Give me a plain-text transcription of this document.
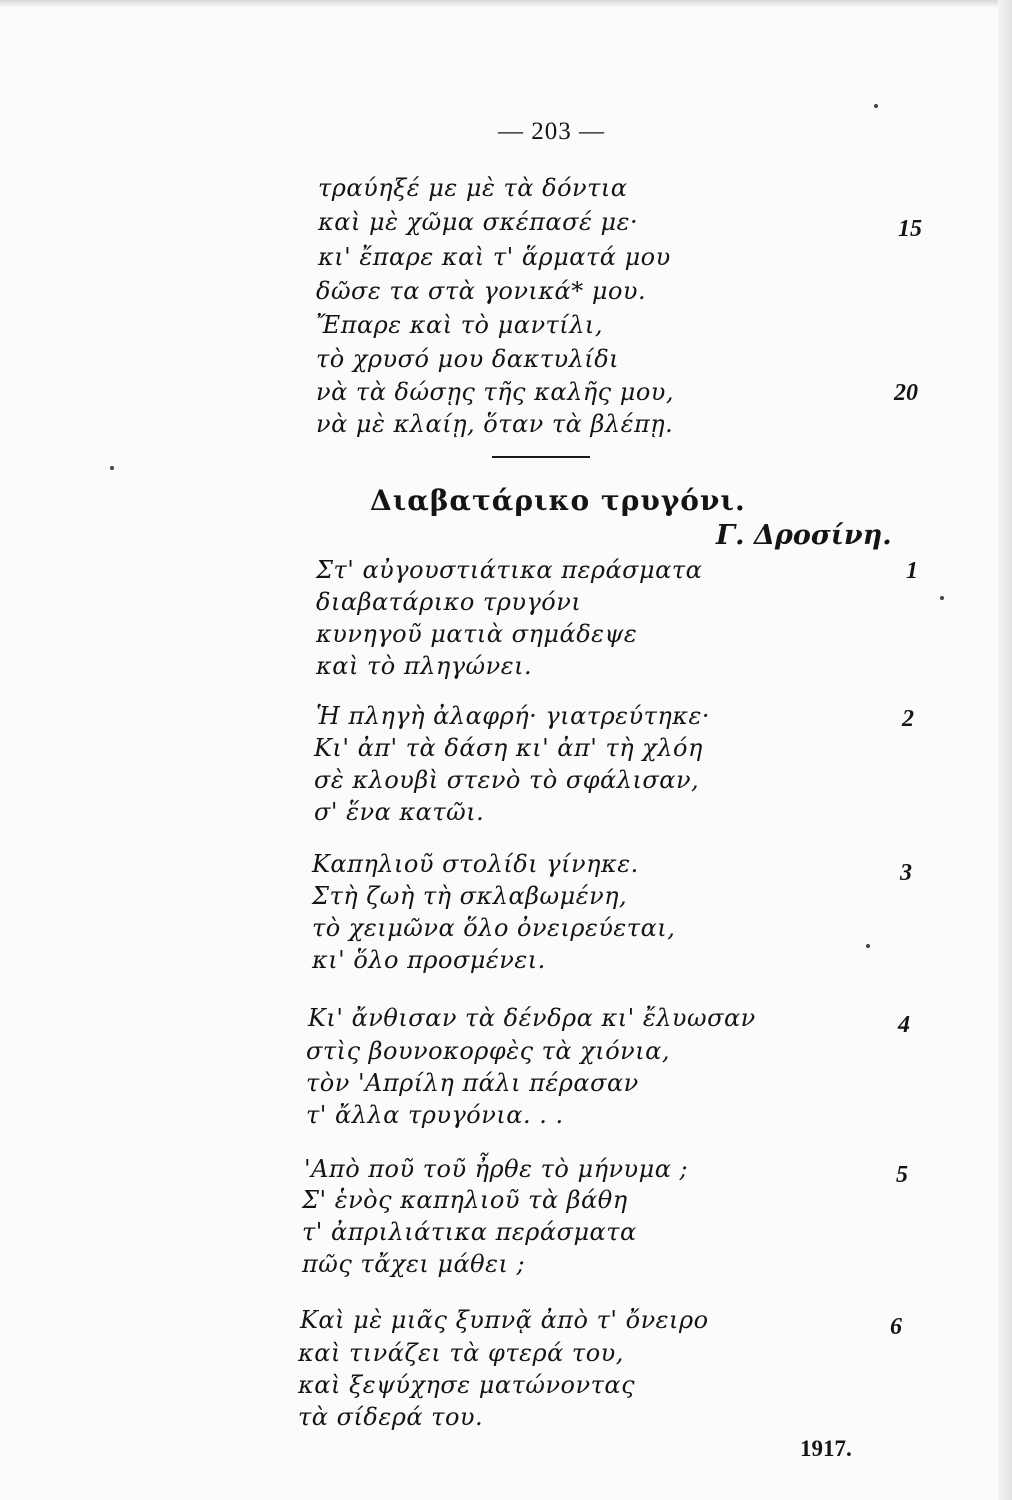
— 203 —
τραύηξέ με μὲ τὰ δόντια
καὶ μὲ χῶμα σκέπασέ με·	15
κι' ἔπαρε καὶ τ' ἅρματά μου
δῶσε τα στὰ γονικά* μου.
Ἔπαρε καὶ τὸ μαντίλι,
τὸ χρυσό μου δακτυλίδι
νὰ τὰ δώσῃς τῆς καλῆς μου,	20
νὰ μὲ κλαίῃ, ὅταν τὰ βλέπῃ.
Διαβατάρικο τρυγόνι.
Γ. Δροσίνη.
Στ' αὐγουστιάτικα περάσματα	1
διαβατάρικο τρυγόνι
κυνηγοῦ ματιὰ σημάδεψε
καὶ τὸ πληγώνει.
Ἡ πληγὴ ἀλαφρή· γιατρεύτηκε·	2
Κι' ἀπ' τὰ δάση κι' ἀπ' τὴ χλόη
σὲ κλουβὶ στενὸ τὸ σφάλισαν,
σ' ἕνα κατῶι.
Καπηλιοῦ στολίδι γίνηκε.	3
Στὴ ζωὴ τὴ σκλαβωμένη,
τὸ χειμῶνα ὅλο ὀνειρεύεται,
κι' ὅλο προσμένει.
Κι' ἄνθισαν τὰ δένδρα κι' ἔλυωσαν	4
στὶς βουνοκορφὲς τὰ χιόνια,
τὸν 'Απρίλη πάλι πέρασαν
τ' ἄλλα τρυγόνια. . .
'Απὸ ποῦ τοῦ ἦρθε τὸ μήνυμα ;	5
Σ' ἑνὸς καπηλιοῦ τὰ βάθη
τ' ἀπριλιάτικα περάσματα
πῶς τἄχει μάθει ;
Καὶ μὲ μιᾶς ξυπνᾷ ἀπὸ τ' ὄνειρο	6
καὶ τινάζει τὰ φτερά του,
καὶ ξεψύχησε ματώνοντας
τὰ σίδερά του.
1917.
